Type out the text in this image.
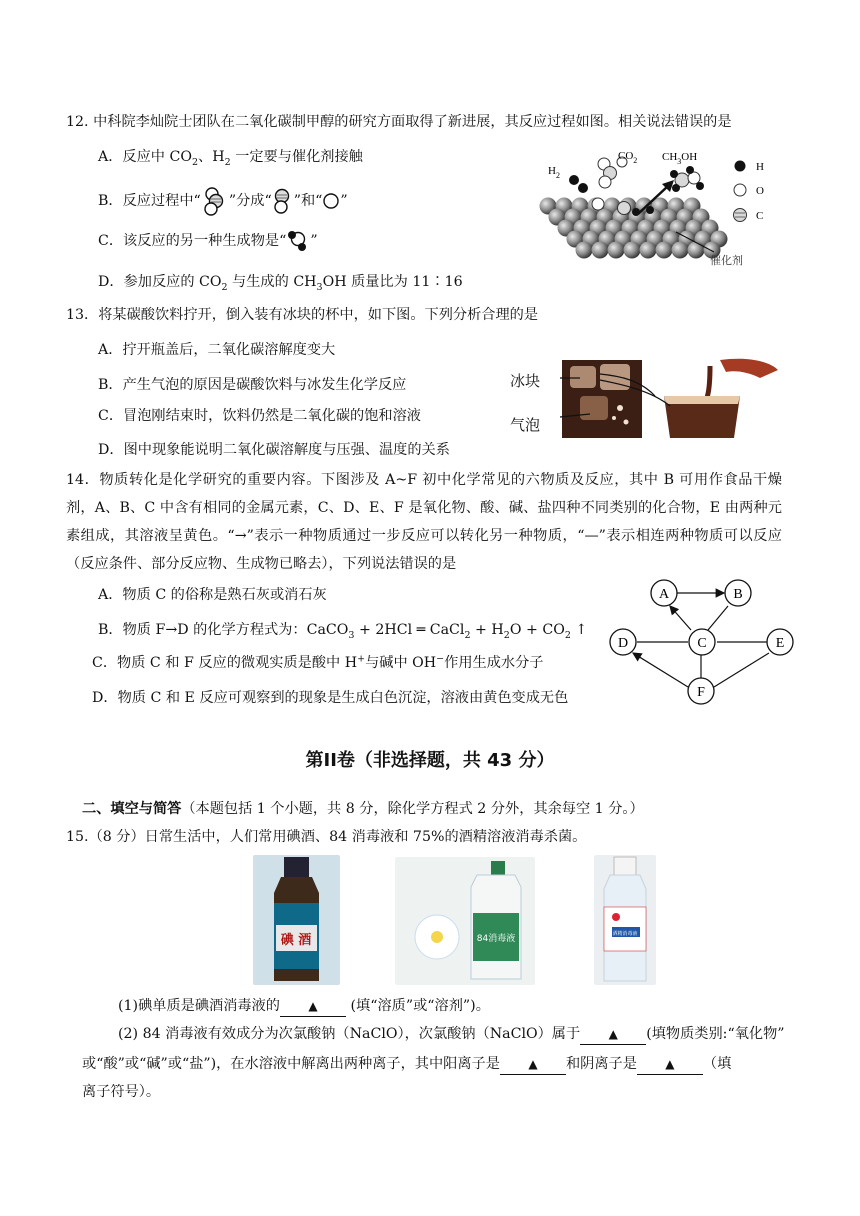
12. 中科院李灿院士团队在二氧化碳制甲醇的研究方面取得了新进展，其反应过程如图。相关说法错误的是
A．反应中 $CO_2$、$H_2$ 一定要与催化剂接触
B．反应过程中“ ”分成“ ”和“ ”
C．该反应的另一种生成物是“ ”
D．参加反应的 $CO_2$ 与生成的 $CH_3OH$ 质量比为 11∶16
$H_2$
$CO_2$ $CH_3OH$
H
O
C
催化剂
13．将某碳酸饮料拧开，倒入装有冰块的杯中，如下图。下列分析合理的是
A．拧开瓶盖后，二氧化碳溶解度变大
B．产生气泡的原因是碳酸饮料与冰发生化学反应
C．冒泡刚结束时，饮料仍然是二氧化碳的饱和溶液
D．图中现象能说明二氧化碳溶解度与压强、温度的关系
冰块
气泡
14．物质转化是化学研究的重要内容。下图涉及 A~F 初中化学常见的六物质及反应，其中 B 可用作食品干燥剂，A、B、C 中含有相同的金属元素，C、D、E、F 是氧化物、酸、碱、盐四种不同类别的化合物，E 由两种元素组成，其溶液呈黄色。“→”表示一种物质通过一步反应可以转化另一种物质，“—”表示相连两种物质可以反应（反应条件、部分反应物、生成物已略去），下列说法错误的是
A．物质 C 的俗称是熟石灰或消石灰
B．物质 F→D 的化学方程式为：CaCO$_3$ + 2HCl ═ CaCl$_2$ + $H_2O + CO_2$ ↑
C．物质 C 和 F 反应的微观实质是酸中 H+与碱中 OH−作用生成水分子
D．物质 C 和 E 反应可观察到的现象是生成白色沉淀，溶液由黄色变成无色
A	B
C
D	E
F
第II卷（非选择题，共 43 分）
二、填空与简答（本题包括 1 个小题，共 8 分，除化学方程式 2 分外，其余每空 1 分。）
15.（8 分）日常生活中，人们常用碘酒、84 消毒液和 75%的酒精溶液消毒杀菌。
碘 酒	84消毒液	酒精消毒液
(1)碘单质是碘酒消毒液的 ▲ (填“溶质”或“溶剂”)。
(2) 84 消毒液有效成分为次氯酸钠（NaClO），次氯酸钠（NaClO）属于 ▲ (填物质类别:“氧化物”
或“酸”或“碱”或“盐”)，在水溶液中解离出两种离子，其中阳离子是 ▲ 和阴离子是 ▲ （填
离子符号）。
